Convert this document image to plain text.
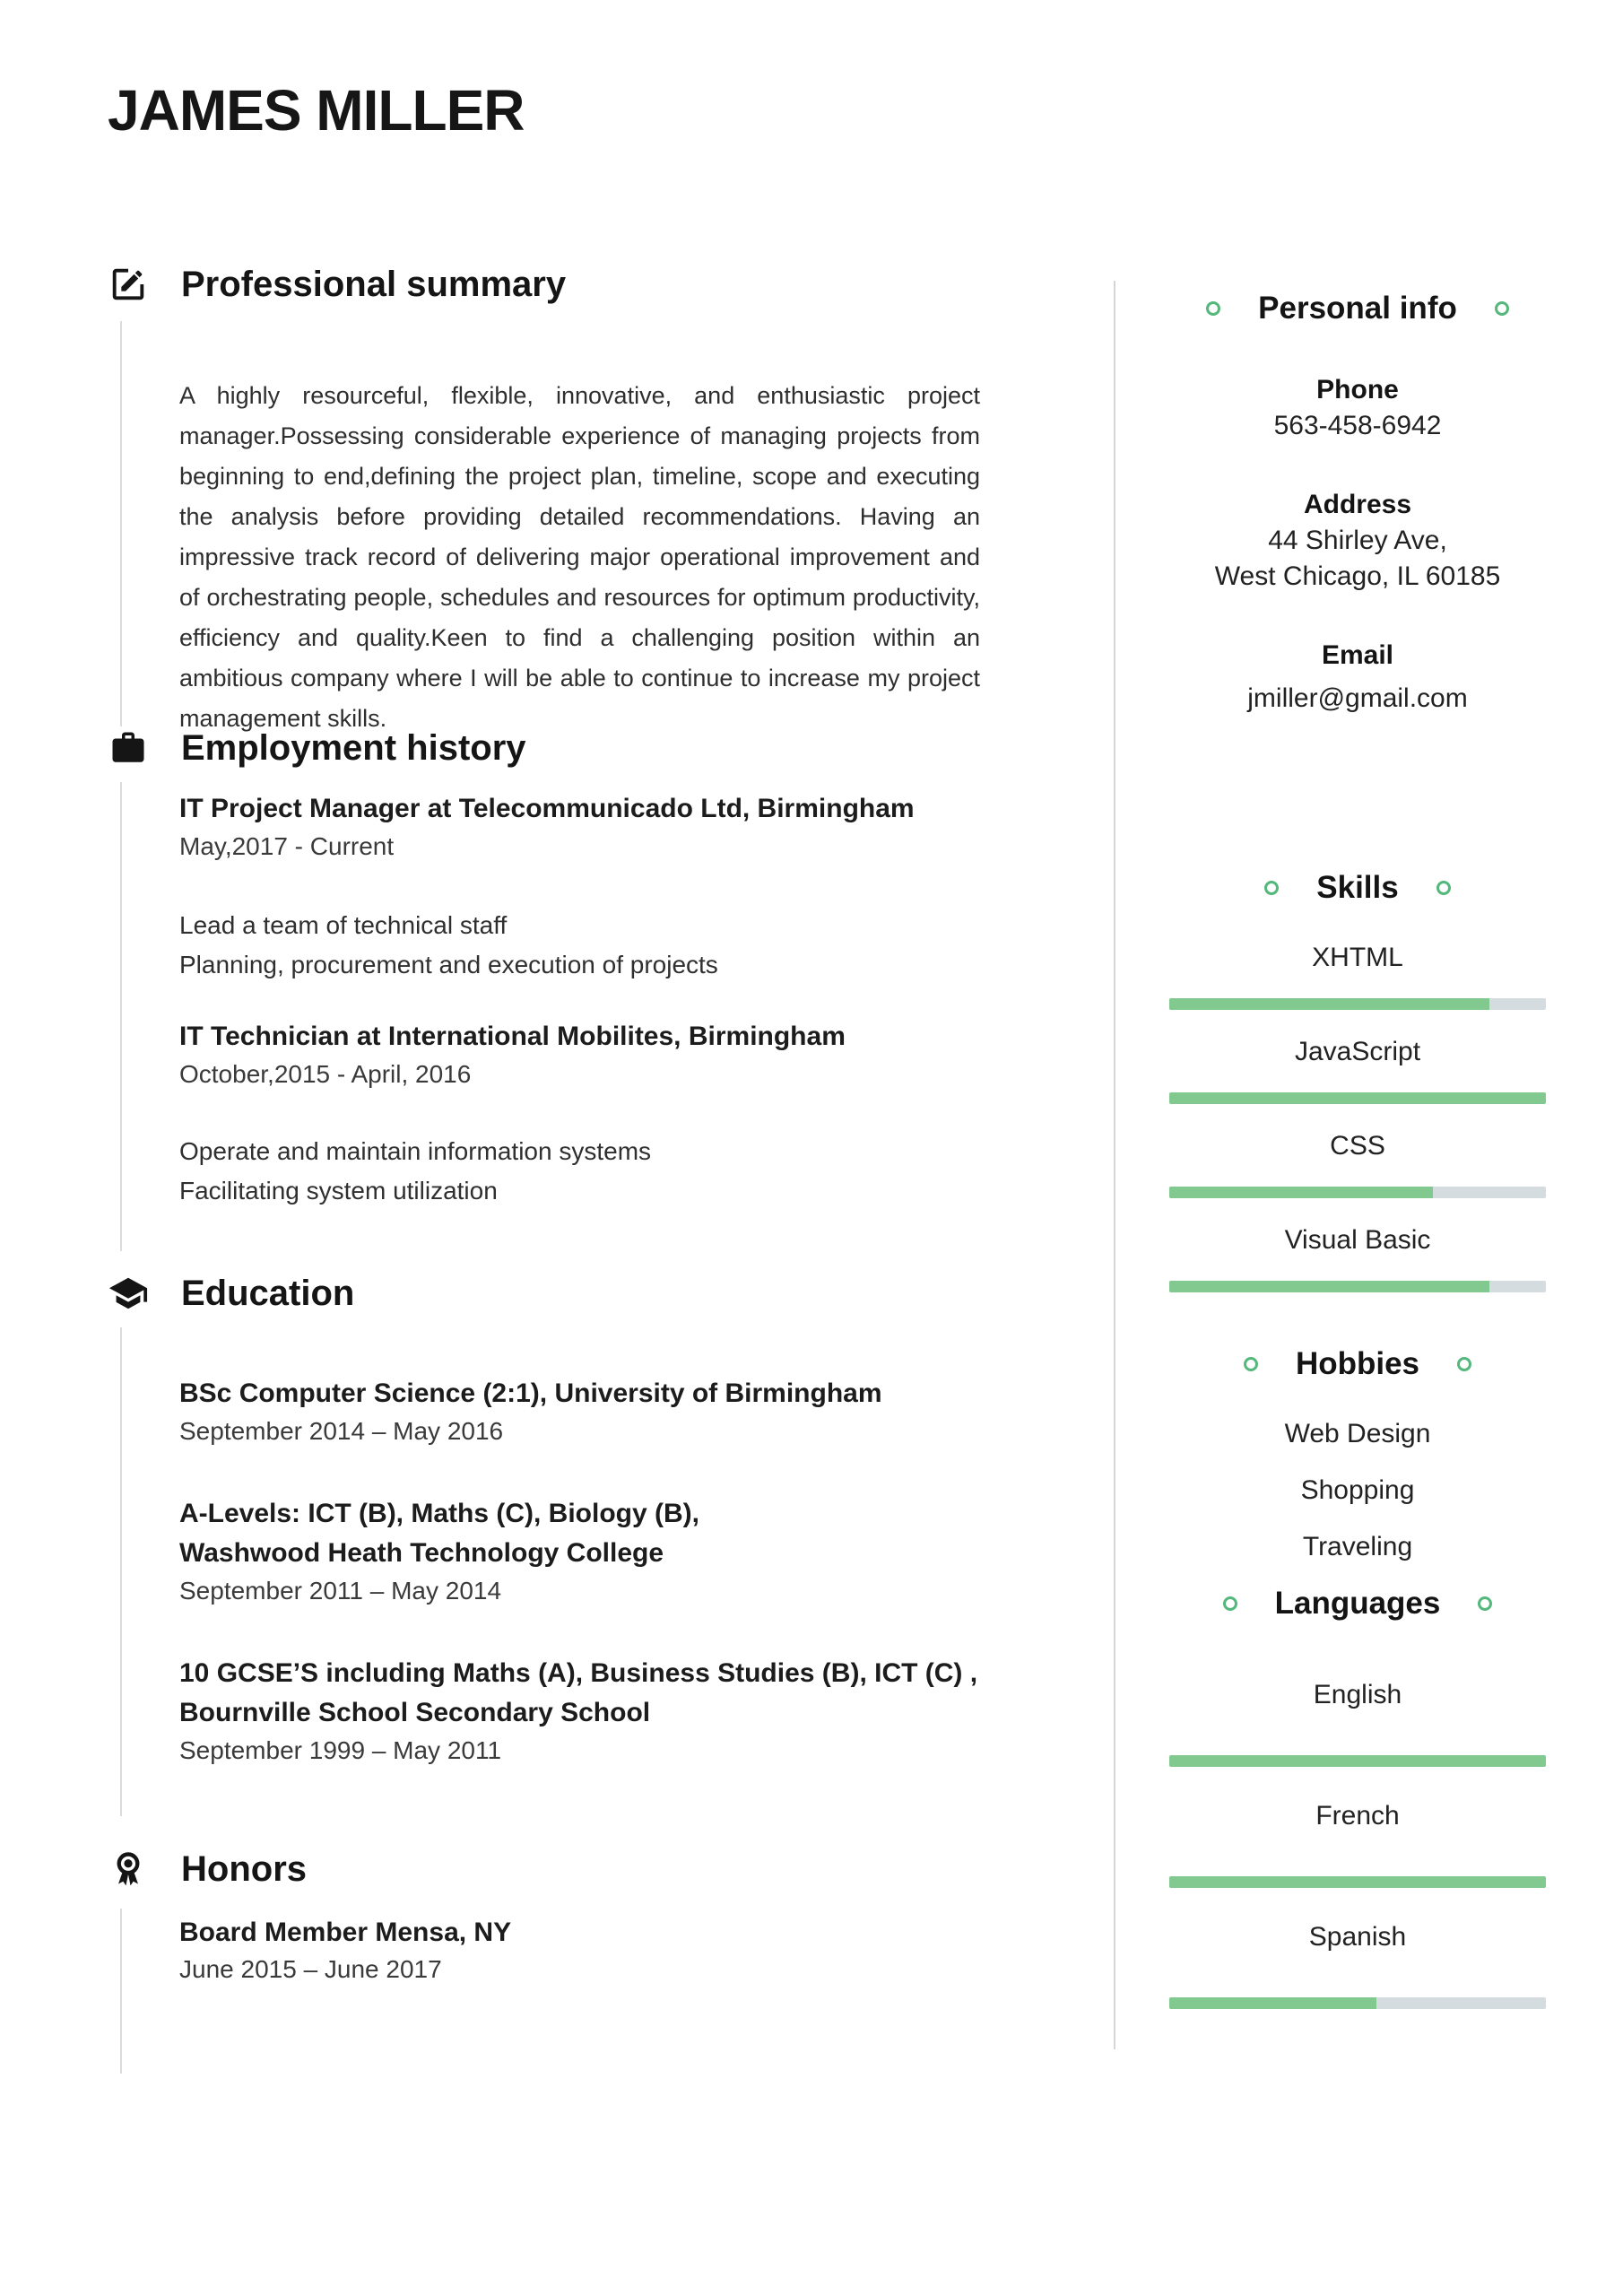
JAMES MILLER
Professional summary
A highly resourceful, flexible, innovative, and enthusiastic project manager.Possessing considerable experience of managing projects from beginning to end,defining the project plan, timeline, scope and executing the analysis before providing detailed recommendations. Having an impressive track record of delivering major operational improvement and of orchestrating people, schedules and resources for optimum productivity, efficiency and quality.Keen to find a challenging position within an ambitious company where I will be able to continue to increase my project management skills.
Employment history
IT Project Manager at Telecommunicado Ltd, Birmingham
May,2017 - Current
Lead a team of technical staff
Planning, procurement and execution of projects
IT Technician at International Mobilites, Birmingham
October,2015 - April, 2016
Operate and maintain information systems
Facilitating system utilization
Education
BSc Computer Science (2:1), University of Birmingham
September 2014 – May 2016
A-Levels: ICT (B), Maths (C), Biology (B),
Washwood Heath Technology College
September 2011 – May 2014
10 GCSE’S including Maths (A), Business Studies (B), ICT (C) ,
Bournville School Secondary School
September 1999 – May 2011
Honors
Board Member Mensa, NY
June 2015 – June 2017
Personal info
Phone
563-458-6942
Address
44 Shirley Ave,
West Chicago, IL 60185
Email
jmiller@gmail.com
Skills
XHTML
JavaScript
CSS
Visual Basic
Hobbies
Web Design
Shopping
Traveling
Languages
English
French
Spanish
